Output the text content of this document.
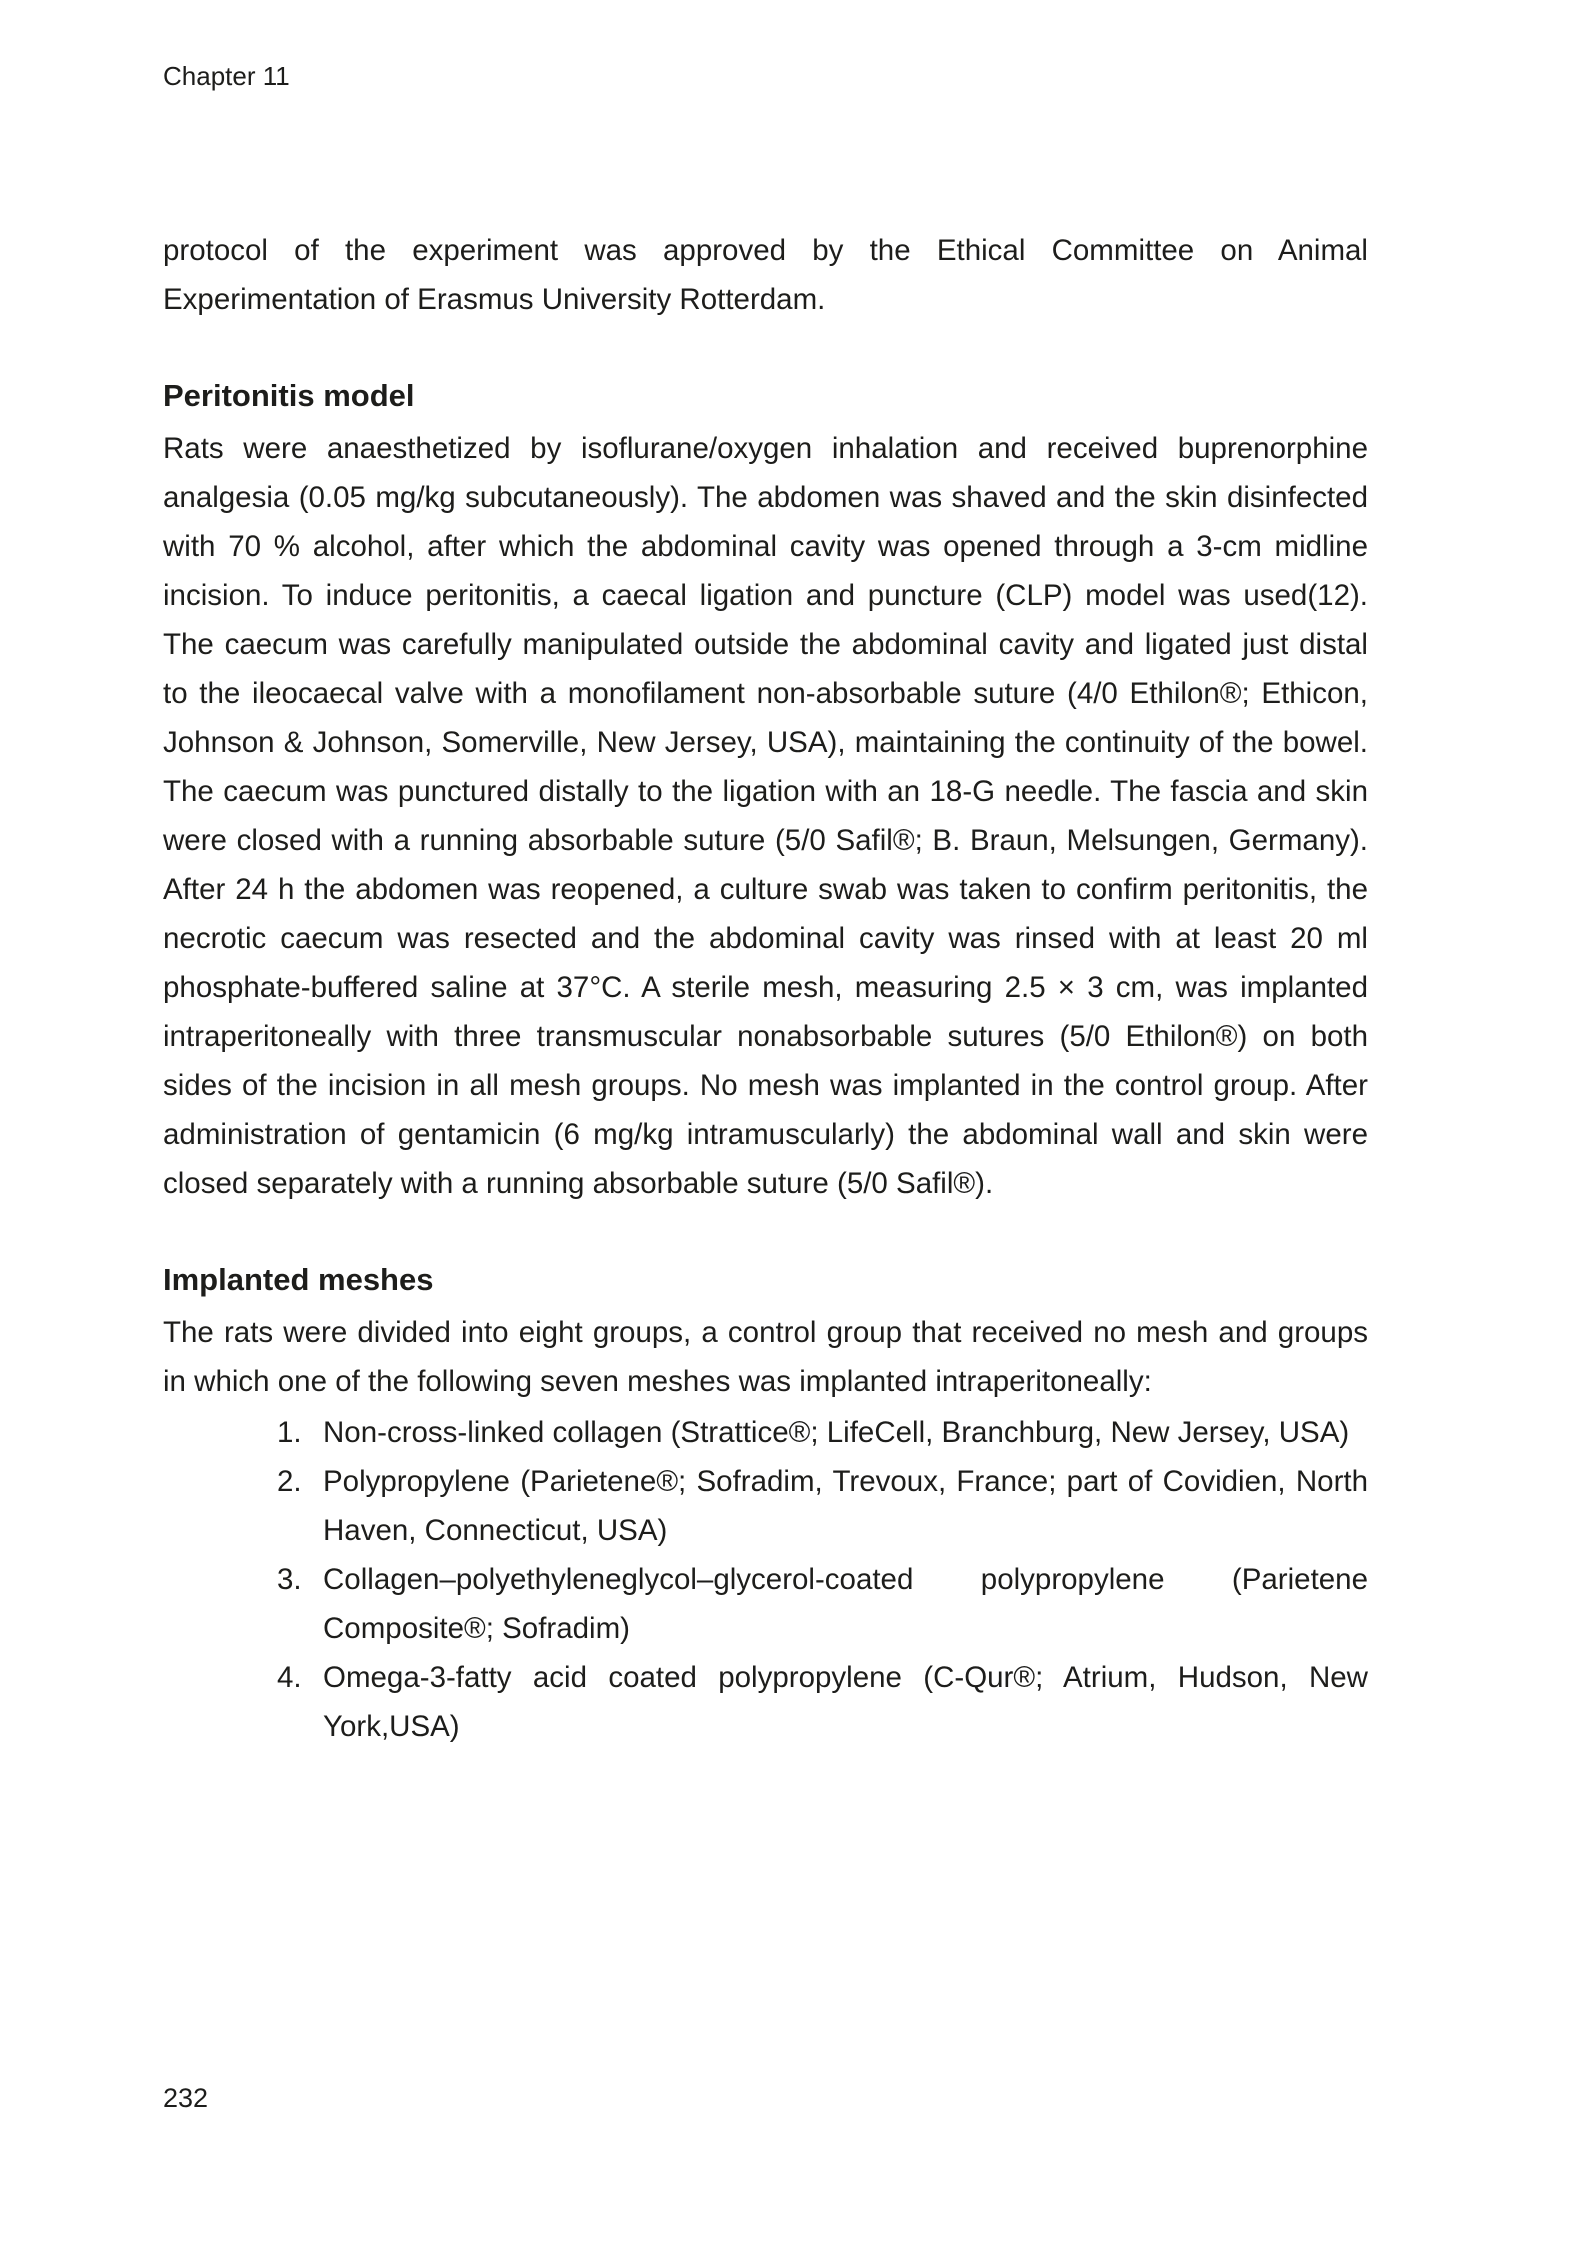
Chapter 11

protocol of the experiment was approved by the Ethical Committee on Animal Experimentation of Erasmus University Rotterdam.

Peritonitis model

Rats were anaesthetized by isoflurane/oxygen inhalation and received buprenorphine analgesia (0.05 mg/kg subcutaneously). The abdomen was shaved and the skin disinfected with 70 % alcohol, after which the abdominal cavity was opened through a 3-cm midline incision. To induce peritonitis, a caecal ligation and puncture (CLP) model was used(12). The caecum was carefully manipulated outside the abdominal cavity and ligated just distal to the ileocaecal valve with a monofilament non-absorbable suture (4/0 Ethilon®; Ethicon, Johnson & Johnson, Somerville, New Jersey, USA), maintaining the continuity of the bowel. The caecum was punctured distally to the ligation with an 18-G needle. The fascia and skin were closed with a running absorbable suture (5/0 Safil®; B. Braun, Melsungen, Germany). After 24 h the abdomen was reopened, a culture swab was taken to confirm peritonitis, the necrotic caecum was resected and the abdominal cavity was rinsed with at least 20 ml phosphate-buffered saline at 37°C. A sterile mesh, measuring 2.5 × 3 cm, was implanted intraperitoneally with three transmuscular nonabsorbable sutures (5/0 Ethilon®) on both sides of the incision in all mesh groups. No mesh was implanted in the control group. After administration of gentamicin (6 mg/kg intramuscularly) the abdominal wall and skin were closed separately with a running absorbable suture (5/0 Safil®).

Implanted meshes

The rats were divided into eight groups, a control group that received no mesh and groups in which one of the following seven meshes was implanted intraperitoneally:

1. Non-cross-linked collagen (Strattice®; LifeCell, Branchburg, New Jersey, USA)
2. Polypropylene (Parietene®; Sofradim, Trevoux, France; part of Covidien, North Haven, Connecticut, USA)
3. Collagen–polyethyleneglycol–glycerol-coated polypropylene (Parietene Composite®; Sofradim)
4. Omega-3-fatty acid coated polypropylene (C-Qur®; Atrium, Hudson, New York,USA)
232
